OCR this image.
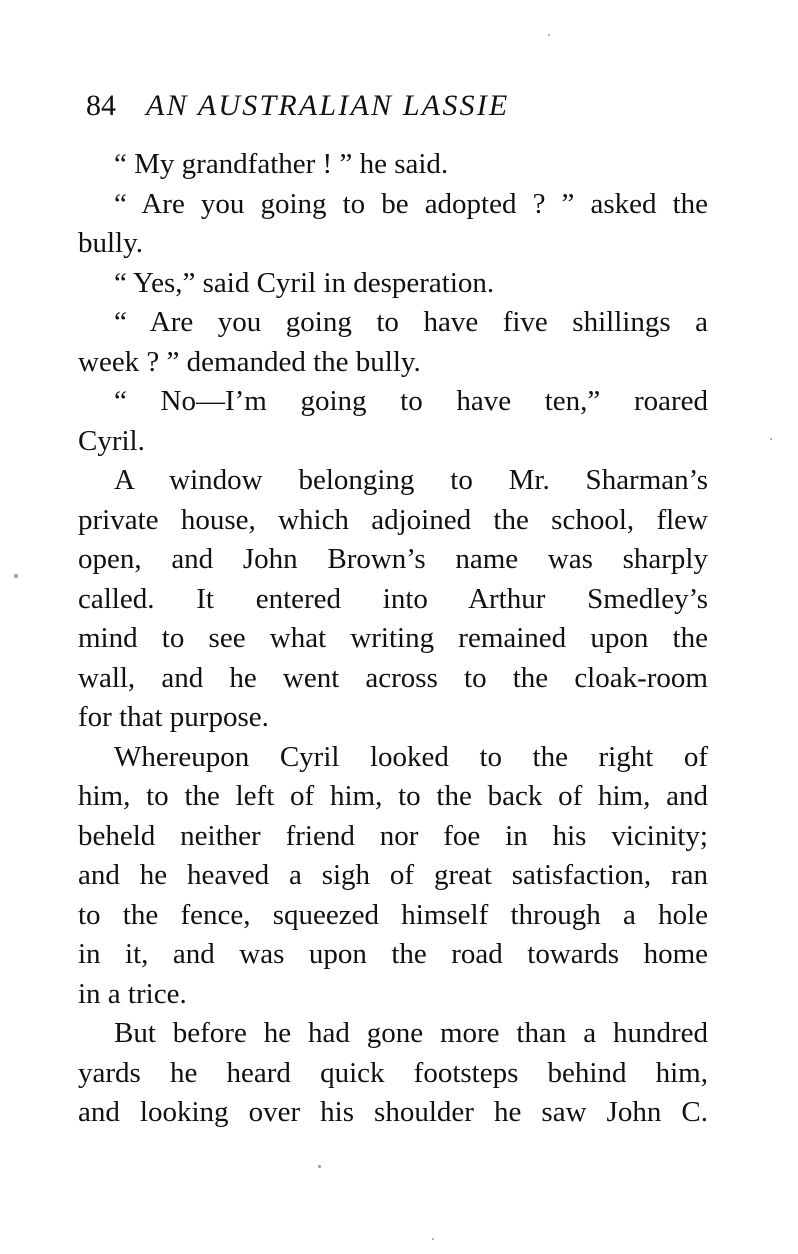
84 AN AUSTRALIAN LASSIE
“ My grandfather ! ” he said.
“ Are you going to be adopted ? ” asked the
bully.
“ Yes,” said Cyril in desperation.
“ Are you going to have five shillings a
week ? ” demanded the bully.
“ No—I’m going to have ten,” roared
Cyril.
A window belonging to Mr. Sharman’s
private house, which adjoined the school, flew
open, and John Brown’s name was sharply
called. It entered into Arthur Smedley’s
mind to see what writing remained upon the
wall, and he went across to the cloak-room
for that purpose.
Whereupon Cyril looked to the right of
him, to the left of him, to the back of him, and
beheld neither friend nor foe in his vicinity;
and he heaved a sigh of great satisfaction, ran
to the fence, squeezed himself through a hole
in it, and was upon the road towards home
in a trice.
But before he had gone more than a hundred
yards he heard quick footsteps behind him,
and looking over his shoulder he saw John C.
